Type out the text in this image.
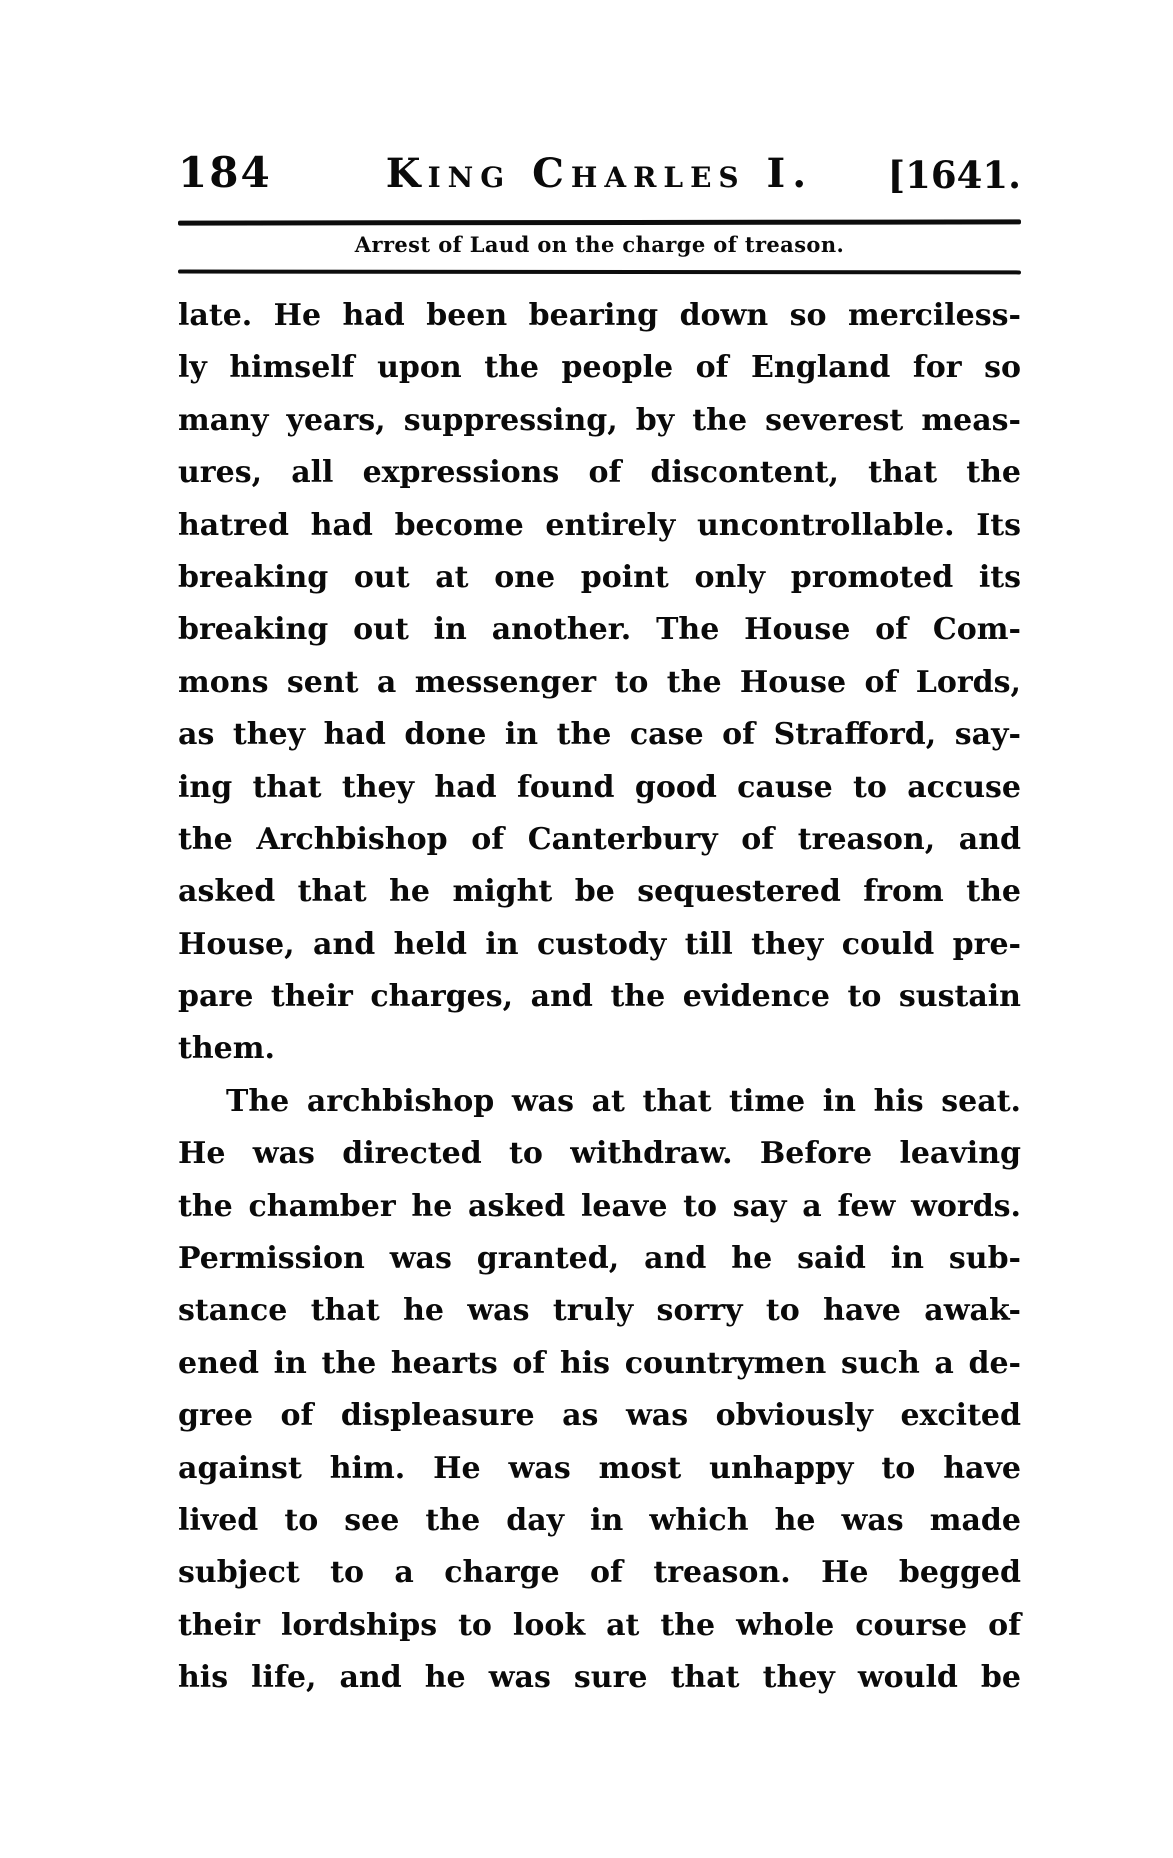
184	King Charles I. [1641.
Arrest of Laud on the charge of treason.
late. He had been bearing down so merciless-
ly himself upon the people of England for so
many years, suppressing, by the severest meas-
ures, all expressions of discontent, that the
hatred had become entirely uncontrollable. Its
breaking out at one point only promoted its
breaking out in another. The House of Com-
mons sent a messenger to the House of Lords,
as they had done in the case of Strafford, say-
ing that they had found good cause to accuse
the Archbishop of Canterbury of treason, and
asked that he might be sequestered from the
House, and held in custody till they could pre-
pare their charges, and the evidence to sustain
them.
The archbishop was at that time in his seat.
He was directed to withdraw. Before leaving
the chamber he asked leave to say a few words.
Permission was granted, and he said in sub-
stance that he was truly sorry to have awak-
ened in the hearts of his countrymen such a de-
gree of displeasure as was obviously excited
against him. He was most unhappy to have
lived to see the day in which he was made
subject to a charge of treason. He begged
their lordships to look at the whole course of
his life, and he was sure that they would be
